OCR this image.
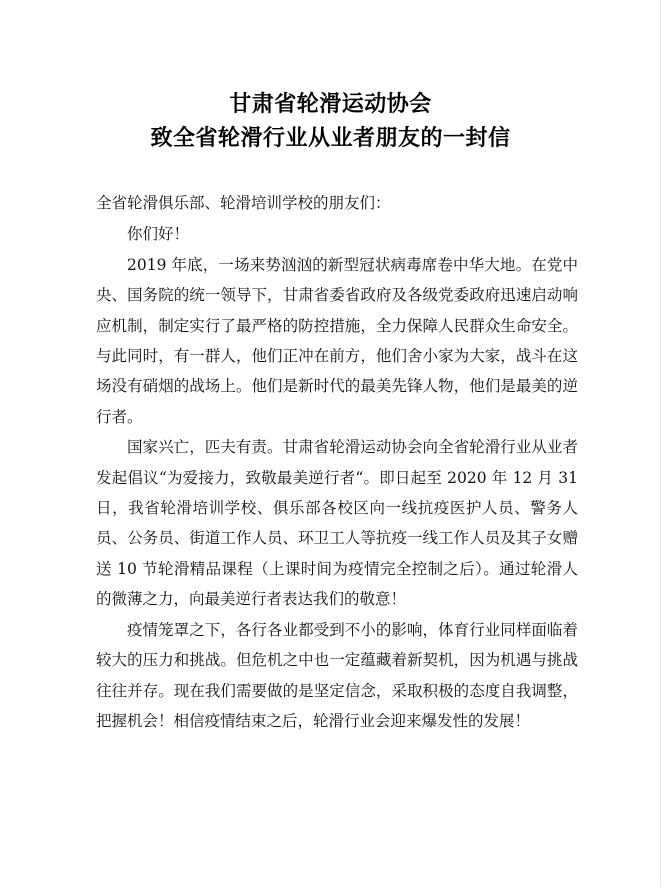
甘肃省轮滑运动协会
致全省轮滑行业从业者朋友的一封信

全省轮滑俱乐部、轮滑培训学校的朋友们：

你们好！

2019 年底，一场来势汹汹的新型冠状病毒席卷中华大地。在党中央、国务院的统一领导下，甘肃省委省政府及各级党委政府迅速启动响应机制，制定实行了最严格的防控措施，全力保障人民群众生命安全。与此同时，有一群人，他们正冲在前方，他们舍小家为大家，战斗在这场没有硝烟的战场上。他们是新时代的最美先锋人物，他们是最美的逆行者。

国家兴亡，匹夫有责。甘肃省轮滑运动协会向全省轮滑行业从业者发起倡议“为爱接力，致敬最美逆行者“。即日起至 2020 年 12 月 31 日，我省轮滑培训学校、俱乐部各校区向一线抗疫医护人员、警务人员、公务员、街道工作人员、环卫工人等抗疫一线工作人员及其子女赠送 10 节轮滑精品课程（上课时间为疫情完全控制之后）。通过轮滑人的微薄之力，向最美逆行者表达我们的敬意！

疫情笼罩之下，各行各业都受到不小的影响，体育行业同样面临着较大的压力和挑战。但危机之中也一定蕴藏着新契机，因为机遇与挑战往往并存。现在我们需要做的是坚定信念，采取积极的态度自我调整，把握机会！相信疫情结束之后，轮滑行业会迎来爆发性的发展！
